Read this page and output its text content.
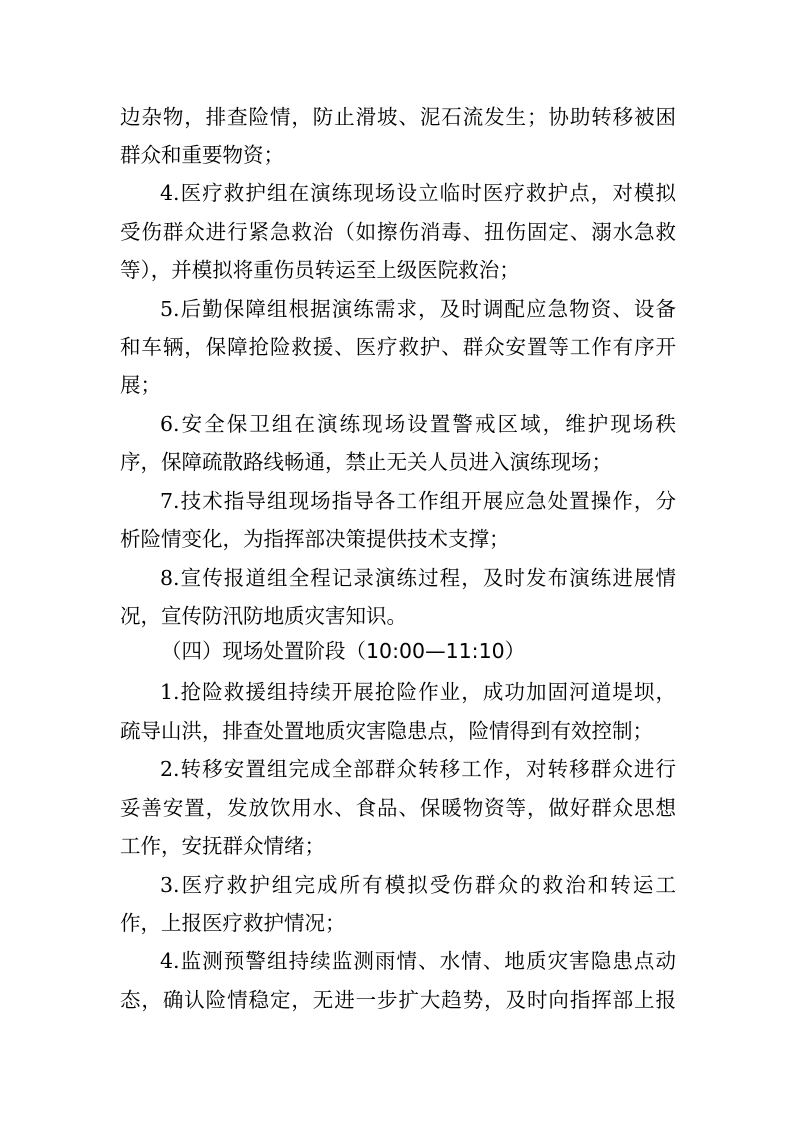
边杂物，排查险情，防止滑坡、泥石流发生；协助转移被困
群众和重要物资；
4.医疗救护组在演练现场设立临时医疗救护点，对模拟
受伤群众进行紧急救治（如擦伤消毒、扭伤固定、溺水急救
等），并模拟将重伤员转运至上级医院救治；
5.后勤保障组根据演练需求，及时调配应急物资、设备
和车辆，保障抢险救援、医疗救护、群众安置等工作有序开
展；
6.安全保卫组在演练现场设置警戒区域，维护现场秩
序，保障疏散路线畅通，禁止无关人员进入演练现场；
7.技术指导组现场指导各工作组开展应急处置操作，分
析险情变化，为指挥部决策提供技术支撑；
8.宣传报道组全程记录演练过程，及时发布演练进展情
况，宣传防汛防地质灾害知识。
（四）现场处置阶段（10:00—11:10）
1.抢险救援组持续开展抢险作业，成功加固河道堤坝，
疏导山洪，排查处置地质灾害隐患点，险情得到有效控制；
2.转移安置组完成全部群众转移工作，对转移群众进行
妥善安置，发放饮用水、食品、保暖物资等，做好群众思想
工作，安抚群众情绪；
3.医疗救护组完成所有模拟受伤群众的救治和转运工
作，上报医疗救护情况；
4.监测预警组持续监测雨情、水情、地质灾害隐患点动
态，确认险情稳定，无进一步扩大趋势，及时向指挥部上报
